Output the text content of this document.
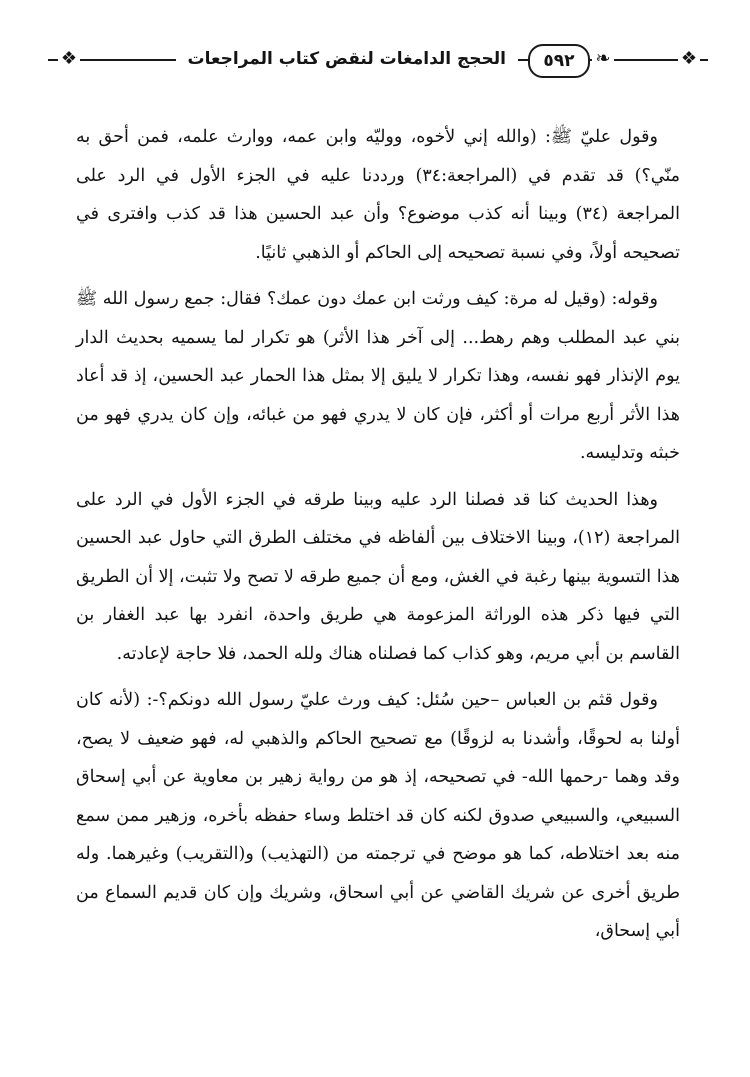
❖	❧	❖
الحجج الدامغات لنقض كتاب المراجعات	٥٩٢

وقول عليّ ﷺ: (والله إني لأخوه، ووليّه وابن عمه، ووارث علمه، فمن أحق به منّي؟) قد تقدم في (المراجعة:٣٤) ورددنا عليه في الجزء الأول في الرد على المراجعة (٣٤) وبينا أنه كذب موضوع؟ وأن عبد الحسين هذا قد كذب وافترى في تصحيحه أولاً، وفي نسبة تصحيحه إلى الحاكم أو الذهبي ثانيًا.

وقوله: (وقيل له مرة: كيف ورثت ابن عمك دون عمك؟ فقال: جمع رسول الله ﷺ بني عبد المطلب وهم رهط... إلى آخر هذا الأثر) هو تكرار لما يسميه بحديث الدار يوم الإنذار فهو نفسه، وهذا تكرار لا يليق إلا بمثل هذا الحمار عبد الحسين، إذ قد أعاد هذا الأثر أربع مرات أو أكثر، فإن كان لا يدري فهو من غبائه، وإن كان يدري فهو من خبثه وتدليسه.

وهذا الحديث كنا قد فصلنا الرد عليه وبينا طرقه في الجزء الأول في الرد على المراجعة (١٢)، وبينا الاختلاف بين ألفاظه في مختلف الطرق التي حاول عبد الحسين هذا التسوية بينها رغبة في الغش، ومع أن جميع طرقه لا تصح ولا تثبت، إلا أن الطريق التي فيها ذكر هذه الوراثة المزعومة هي طريق واحدة، انفرد بها عبد الغفار بن القاسم بن أبي مريم، وهو كذاب كما فصلناه هناك ولله الحمد، فلا حاجة لإعادته.

وقول قثم بن العباس –حين سُئل: كيف ورث عليّ رسول الله دونكم؟-: (لأنه كان أولنا به لحوقًا، وأشدنا به لزوقًا) مع تصحيح الحاكم والذهبي له، فهو ضعيف لا يصح، وقد وهما -رحمها الله- في تصحيحه، إذ هو من رواية زهير بن معاوية عن أبي إسحاق السبيعي، والسبيعي صدوق لكنه كان قد اختلط وساء حفظه بأخره، وزهير ممن سمع منه بعد اختلاطه، كما هو موضح في ترجمته من (التهذيب) و(التقريب) وغيرهما. وله طريق أخرى عن شريك القاضي عن أبي اسحاق، وشريك وإن كان قديم السماع من أبي إسحاق،
